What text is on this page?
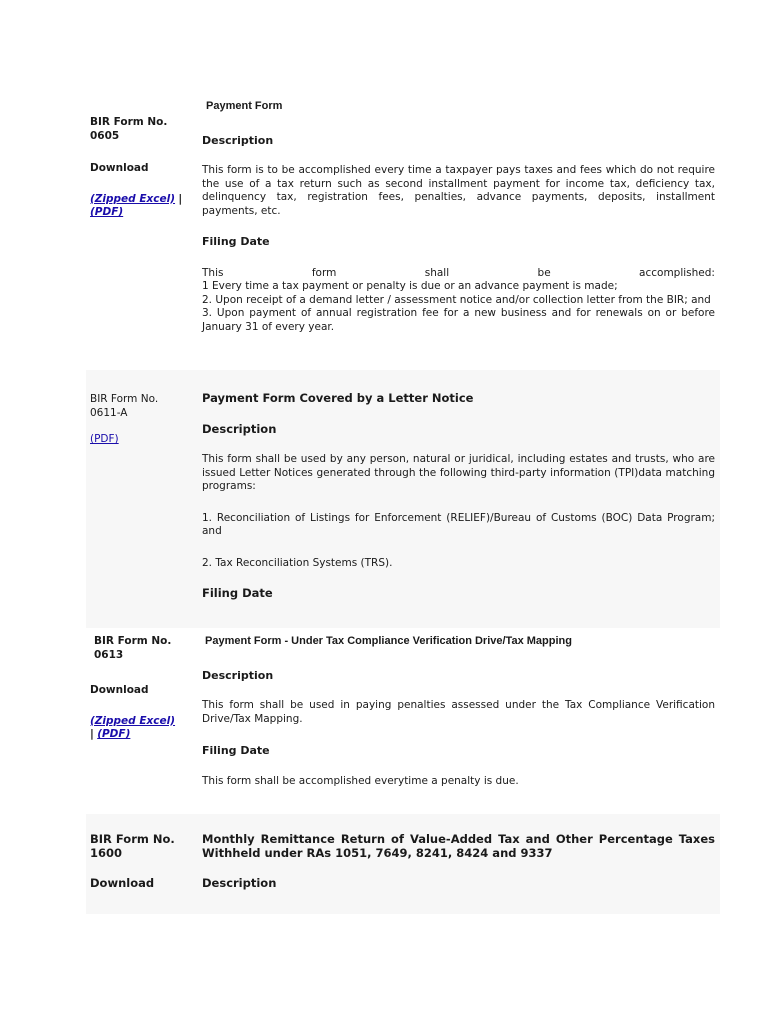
BIR Form No. 0605

Download

(Zipped Excel) | (PDF)

Payment Form

Description

This form is to be accomplished every time a taxpayer pays taxes and fees which do not require the use of a tax return such as second installment payment for income tax, deficiency tax, delinquency tax, registration fees, penalties, advance payments, deposits, installment payments, etc.

Filing Date

This	form	shall	be	accomplished:

1 Every time a tax payment or penalty is due or an advance payment is made;

2. Upon receipt of a demand letter / assessment notice and/or collection letter from the BIR; and

3. Upon payment of annual registration fee for a new business and for renewals on or before January 31 of every year.

BIR Form No. 0611-A

(PDF)

Payment Form Covered by a Letter Notice

Description

This form shall be used by any person, natural or juridical, including estates and trusts, who are issued Letter Notices generated through the following third-party information (TPI)data matching programs:

1. Reconciliation of Listings for Enforcement (RELIEF)/Bureau of Customs (BOC) Data Program; and

2. Tax Reconciliation Systems (TRS).

Filing Date

BIR Form No. 0613

Download

(Zipped Excel) | (PDF)

Payment Form - Under Tax Compliance Verification Drive/Tax Mapping

Description

This form shall be used in paying penalties assessed under the Tax Compliance Verification Drive/Tax Mapping.

Filing Date

This form shall be accomplished everytime a penalty is due.

BIR Form No. 1600

Download

Monthly Remittance Return of Value-Added Tax and Other Percentage Taxes Withheld under RAs 1051, 7649, 8241, 8424 and 9337

Description
